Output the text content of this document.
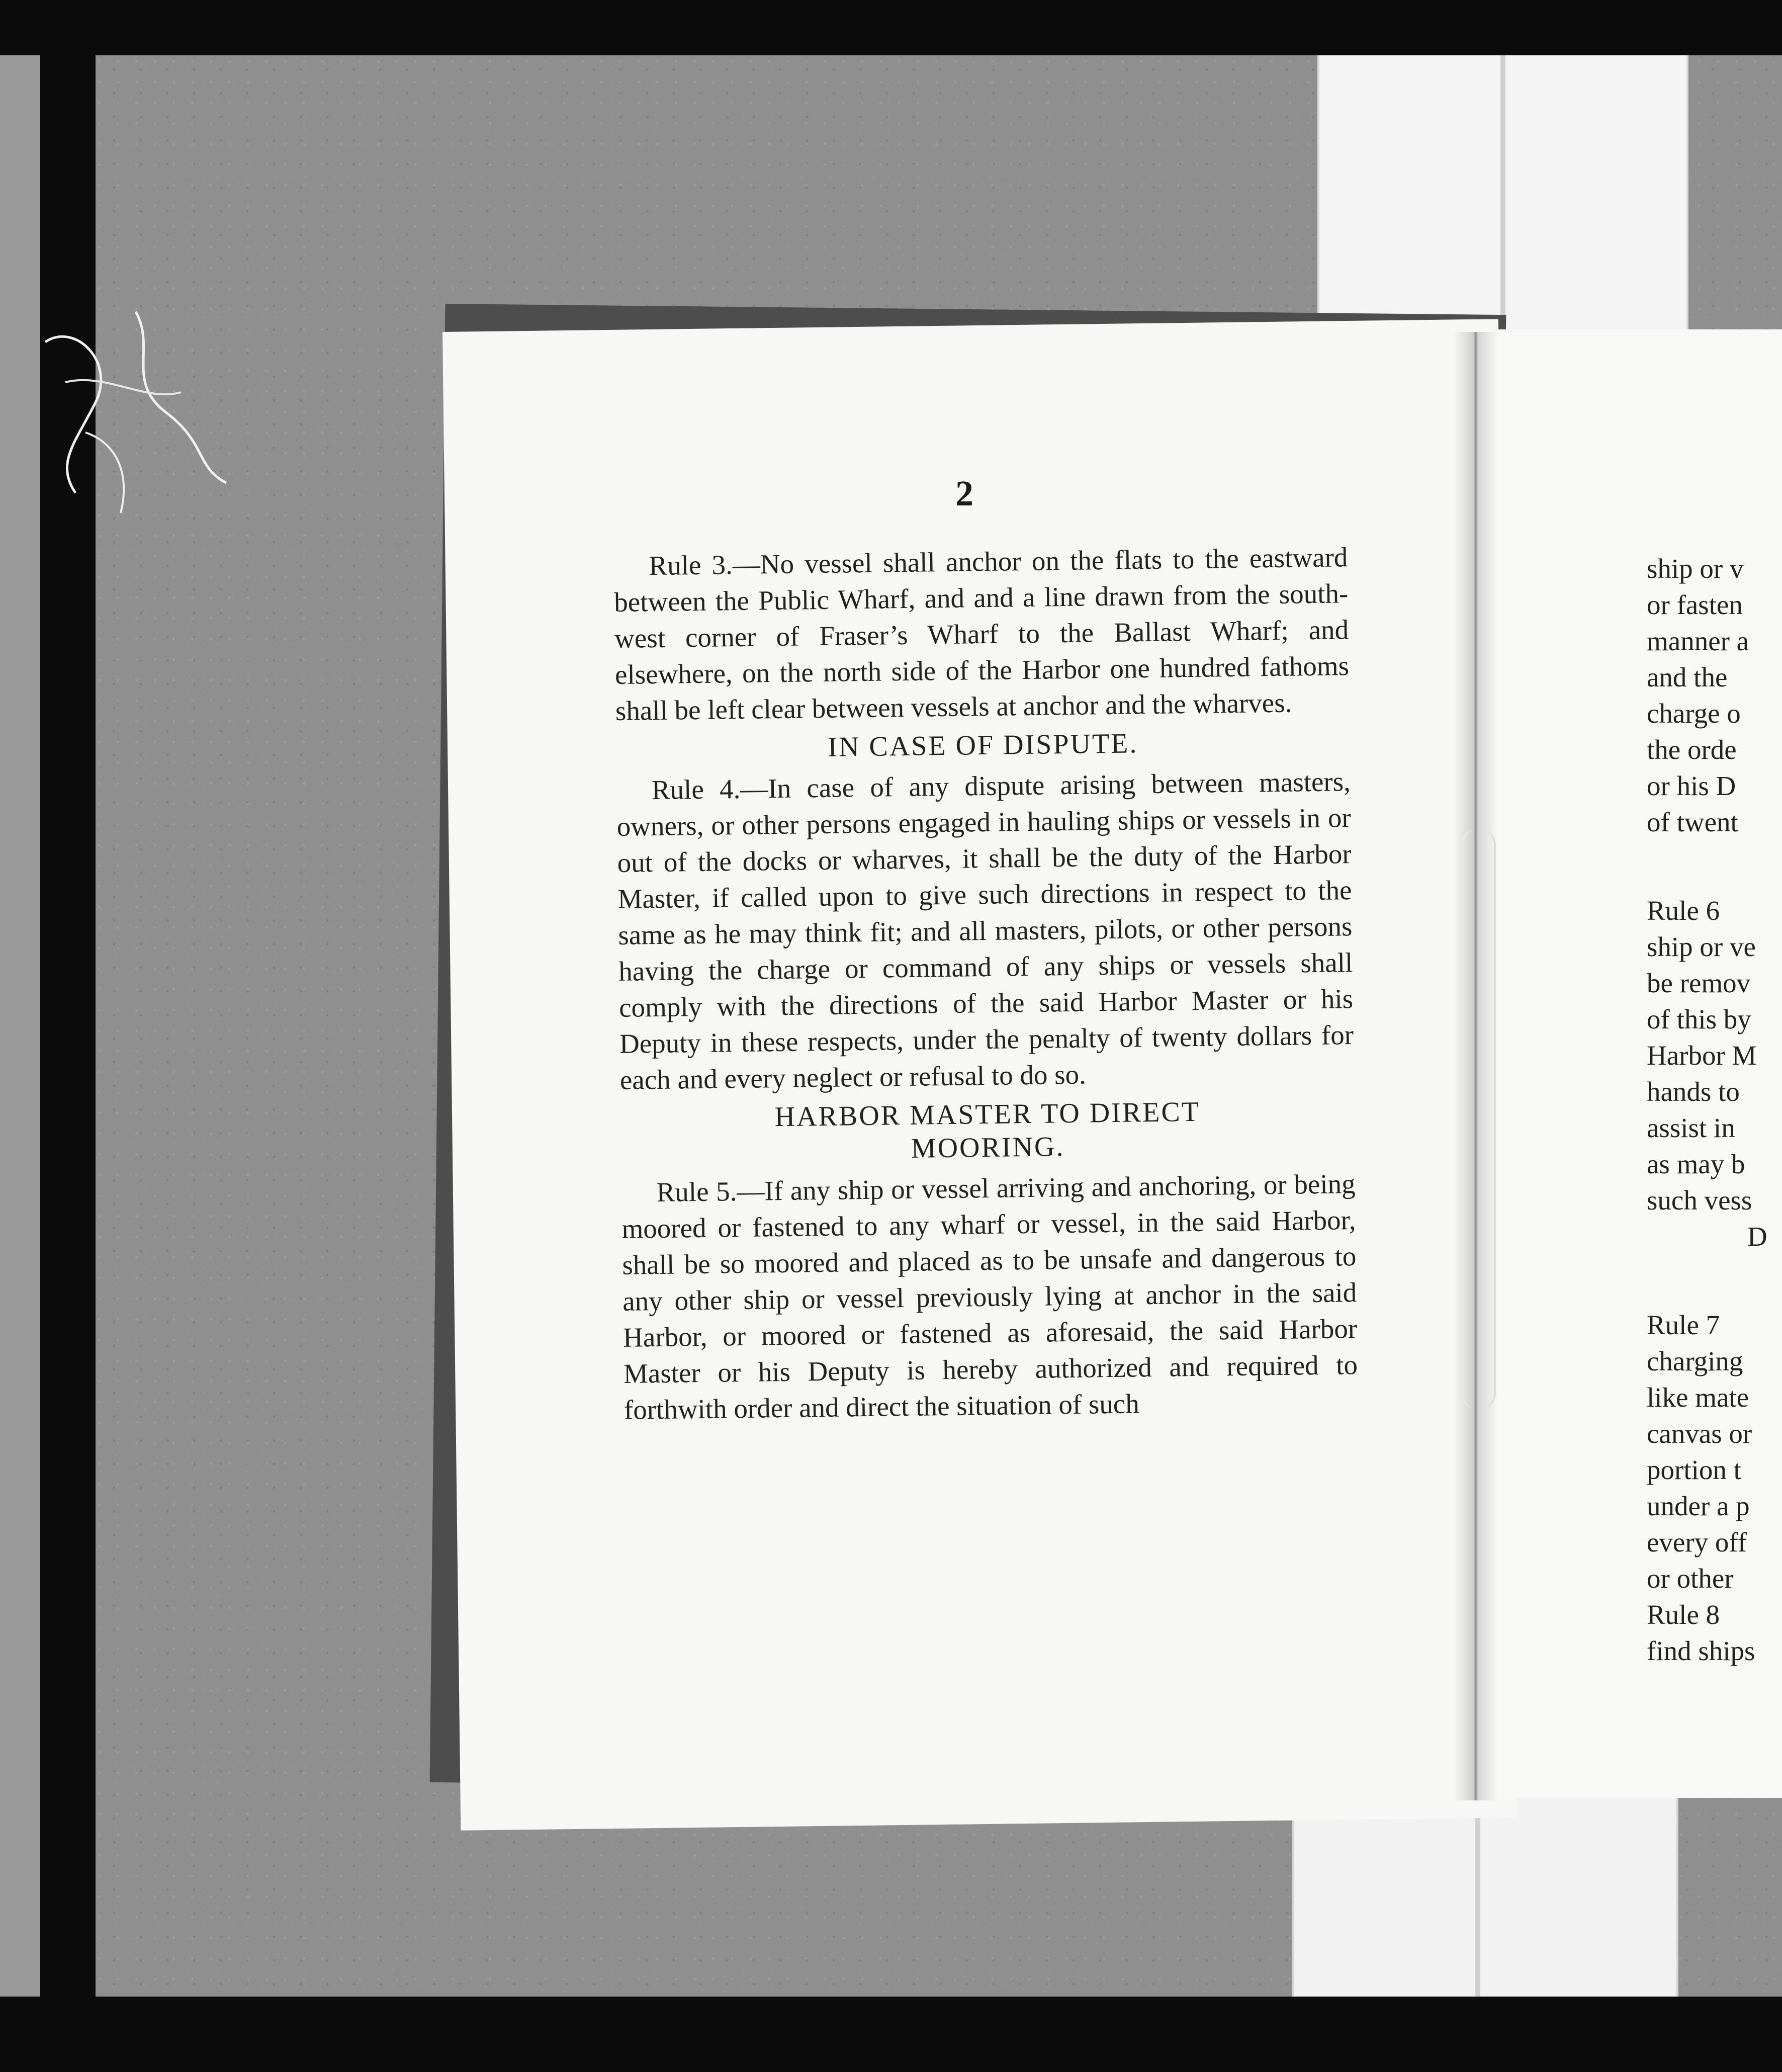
ship or v
or fasten
manner a
and the
charge o
the orde
or his D
of twent
Rule 6
ship or ve
be remov
of this by
Harbor M
hands to
assist in
as may b
such vess
D
Rule 7
charging
like mate
canvas or
portion t
under a p
every off
or other
Rule 8
find ships
2

Rule 3.—No vessel shall anchor on the flats to the eastward between the Public Wharf, and and a line drawn from the south-west corner of Fraser’s Wharf to the Ballast Wharf; and elsewhere, on the north side of the Harbor one hundred fathoms shall be left clear between vessels at anchor and the wharves.

IN CASE OF DISPUTE.

Rule 4.—In case of any dispute arising between masters, owners, or other persons engaged in hauling ships or vessels in or out of the docks or wharves, it shall be the duty of the Harbor Master, if called upon to give such directions in respect to the same as he may think fit; and all masters, pilots, or other persons having the charge or command of any ships or vessels shall comply with the directions of the said Harbor Master or his Deputy in these respects, under the penalty of twenty dollars for each and every neglect or refusal to do so.

HARBOR MASTER TO DIRECT
MOORING.

Rule 5.—If any ship or vessel arriving and anchoring, or being moored or fastened to any wharf or vessel, in the said Harbor, shall be so moored and placed as to be unsafe and dangerous to any other ship or vessel previously lying at anchor in the said Harbor, or moored or fastened as aforesaid, the said Harbor Master or his Deputy is hereby authorized and required to forthwith order and direct the situation of such
